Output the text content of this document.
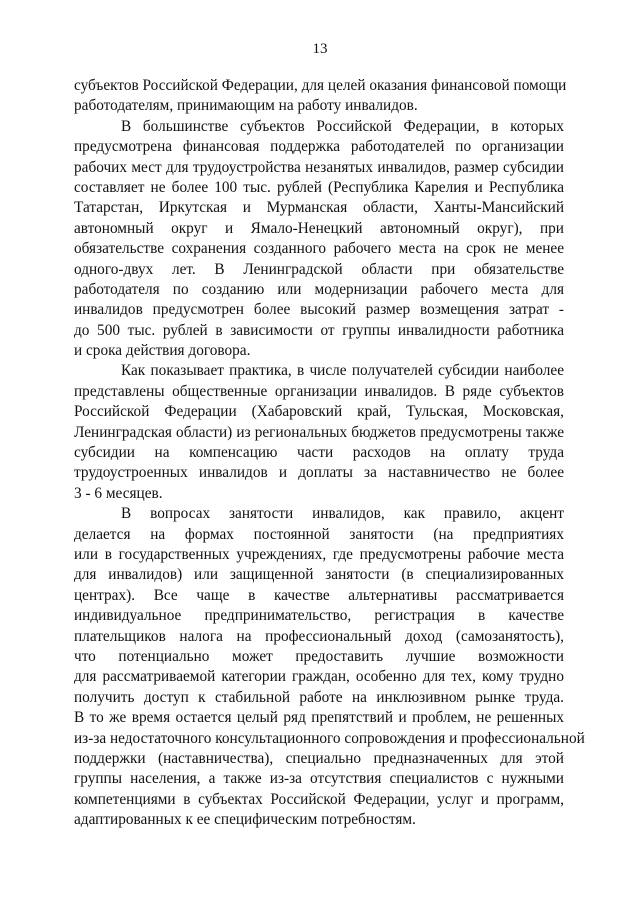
13
субъектов Российской Федерации, для целей оказания финансовой помощи
работодателям, принимающим на работу инвалидов.
В большинстве субъектов Российской Федерации, в которых
предусмотрена финансовая поддержка работодателей по организации
рабочих мест для трудоустройства незанятых инвалидов, размер субсидии
составляет не более 100 тыс. рублей (Республика Карелия и Республика
Татарстан, Иркутская и Мурманская области, Ханты-Мансийский
автономный округ и Ямало-Ненецкий автономный округ), при
обязательстве сохранения созданного рабочего места на срок не менее
одного-двух лет. В Ленинградской области при обязательстве
работодателя по созданию или модернизации рабочего места для
инвалидов предусмотрен более высокий размер возмещения затрат -
до 500 тыс. рублей в зависимости от группы инвалидности работника
и срока действия договора.
Как показывает практика, в числе получателей субсидии наиболее
представлены общественные организации инвалидов. В ряде субъектов
Российской Федерации (Хабаровский край, Тульская, Московская,
Ленинградская области) из региональных бюджетов предусмотрены также
субсидии на компенсацию части расходов на оплату труда
трудоустроенных инвалидов и доплаты за наставничество не более
3 - 6 месяцев.
В вопросах занятости инвалидов, как правило, акцент
делается на формах постоянной занятости (на предприятиях
или в государственных учреждениях, где предусмотрены рабочие места
для инвалидов) или защищенной занятости (в специализированных
центрах). Все чаще в качестве альтернативы рассматривается
индивидуальное предпринимательство, регистрация в качестве
плательщиков налога на профессиональный доход (самозанятость),
что потенциально может предоставить лучшие возможности
для рассматриваемой категории граждан, особенно для тех, кому трудно
получить доступ к стабильной работе на инклюзивном рынке труда.
В то же время остается целый ряд препятствий и проблем, не решенных
из-за недостаточного консультационного сопровождения и профессиональной
поддержки (наставничества), специально предназначенных для этой
группы населения, а также из-за отсутствия специалистов с нужными
компетенциями в субъектах Российской Федерации, услуг и программ,
адаптированных к ее специфическим потребностям.
